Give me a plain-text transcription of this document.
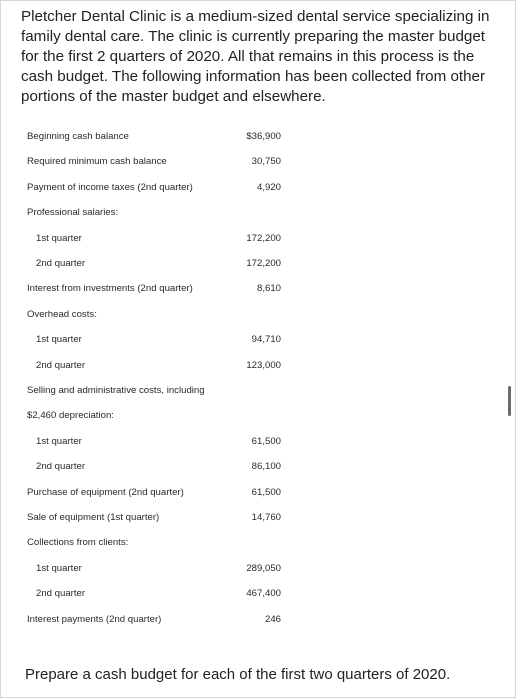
Pletcher Dental Clinic is a medium-sized dental service specializing in family dental care. The clinic is currently preparing the master budget for the first 2 quarters of 2020. All that remains in this process is the cash budget. The following information has been collected from other portions of the master budget and elsewhere.

Beginning cash balance	$36,900
Required minimum cash balance	30,750
Payment of income taxes (2nd quarter)	4,920
Professional salaries:
1st quarter	172,200
2nd quarter	172,200
Interest from investments (2nd quarter)	8,610
Overhead costs:
1st quarter	94,710
2nd quarter	123,000
Selling and administrative costs, including
$2,460 depreciation:
1st quarter	61,500
2nd quarter	86,100
Purchase of equipment (2nd quarter)	61,500
Sale of equipment (1st quarter)	14,760
Collections from clients:
1st quarter	289,050
2nd quarter	467,400
Interest payments (2nd quarter)	246

Prepare a cash budget for each of the first two quarters of 2020.
